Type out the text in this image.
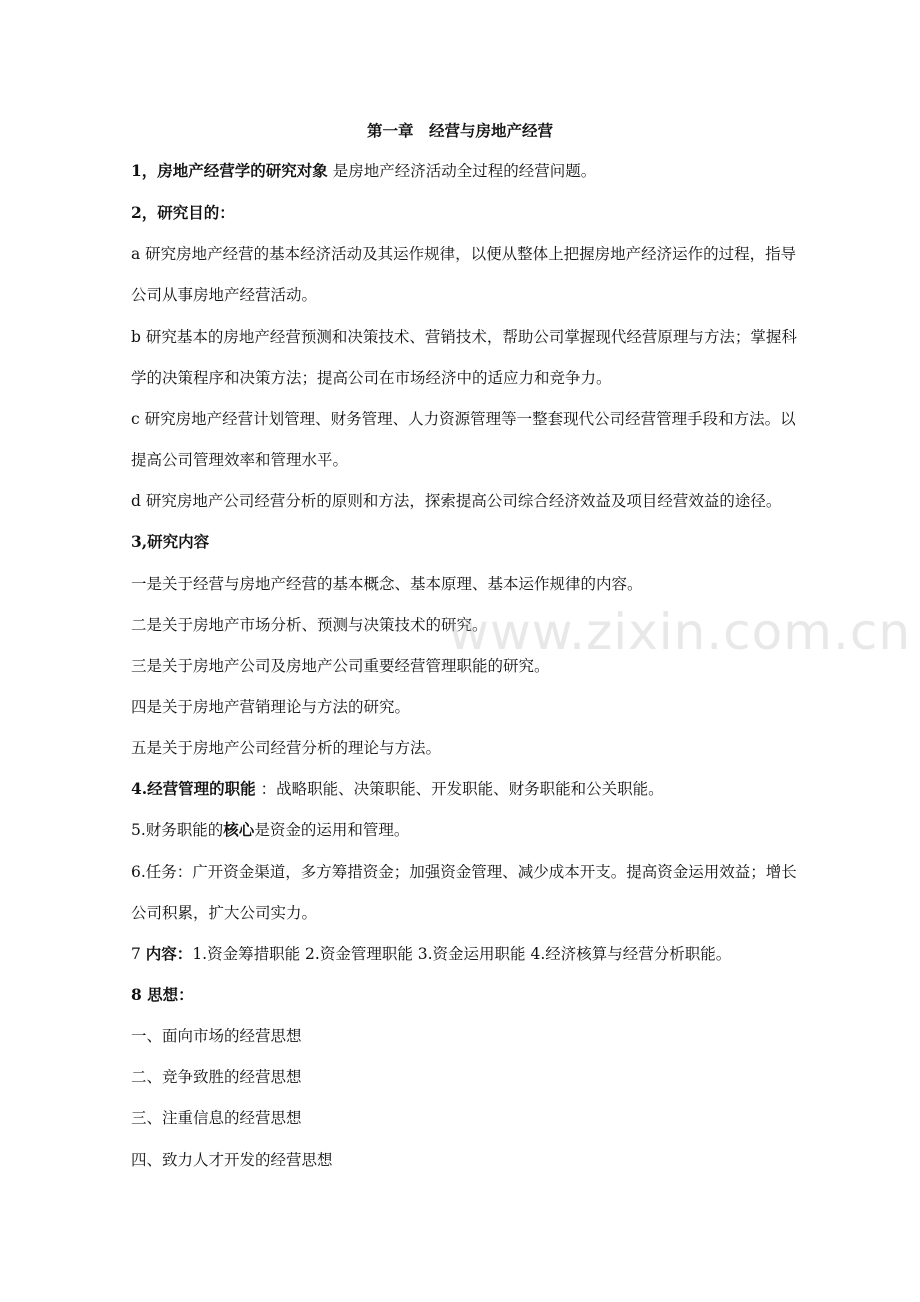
第一章　经营与房地产经营
1，房地产经营学的研究对象 是房地产经济活动全过程的经营问题。
2，研究目的：
a 研究房地产经营的基本经济活动及其运作规律，以便从整体上把握房地产经济运作的过程，指导
公司从事房地产经营活动。
b 研究基本的房地产经营预测和决策技术、营销技术，帮助公司掌握现代经营原理与方法；掌握科
学的决策程序和决策方法；提高公司在市场经济中的适应力和竞争力。
c 研究房地产经营计划管理、财务管理、人力资源管理等一整套现代公司经营管理手段和方法。以
提高公司管理效率和管理水平。
d 研究房地产公司经营分析的原则和方法，探索提高公司综合经济效益及项目经营效益的途径。
3,研究内容
一是关于经营与房地产经营的基本概念、基本原理、基本运作规律的内容。
二是关于房地产市场分析、预测与决策技术的研究。
三是关于房地产公司及房地产公司重要经营管理职能的研究。
四是关于房地产营销理论与方法的研究。
五是关于房地产公司经营分析的理论与方法。
4.经营管理的职能 ：战略职能、决策职能、开发职能、财务职能和公关职能。
5.财务职能的核心是资金的运用和管理。
6.任务：广开资金渠道，多方筹措资金；加强资金管理、减少成本开支。提高资金运用效益；增长
公司积累，扩大公司实力。
7 内容：1.资金筹措职能 2.资金管理职能 3.资金运用职能 4.经济核算与经营分析职能。
8 思想：
一、面向市场的经营思想
二、竞争致胜的经营思想
三、注重信息的经营思想
四、致力人才开发的经营思想
www.zixin.com.cn
